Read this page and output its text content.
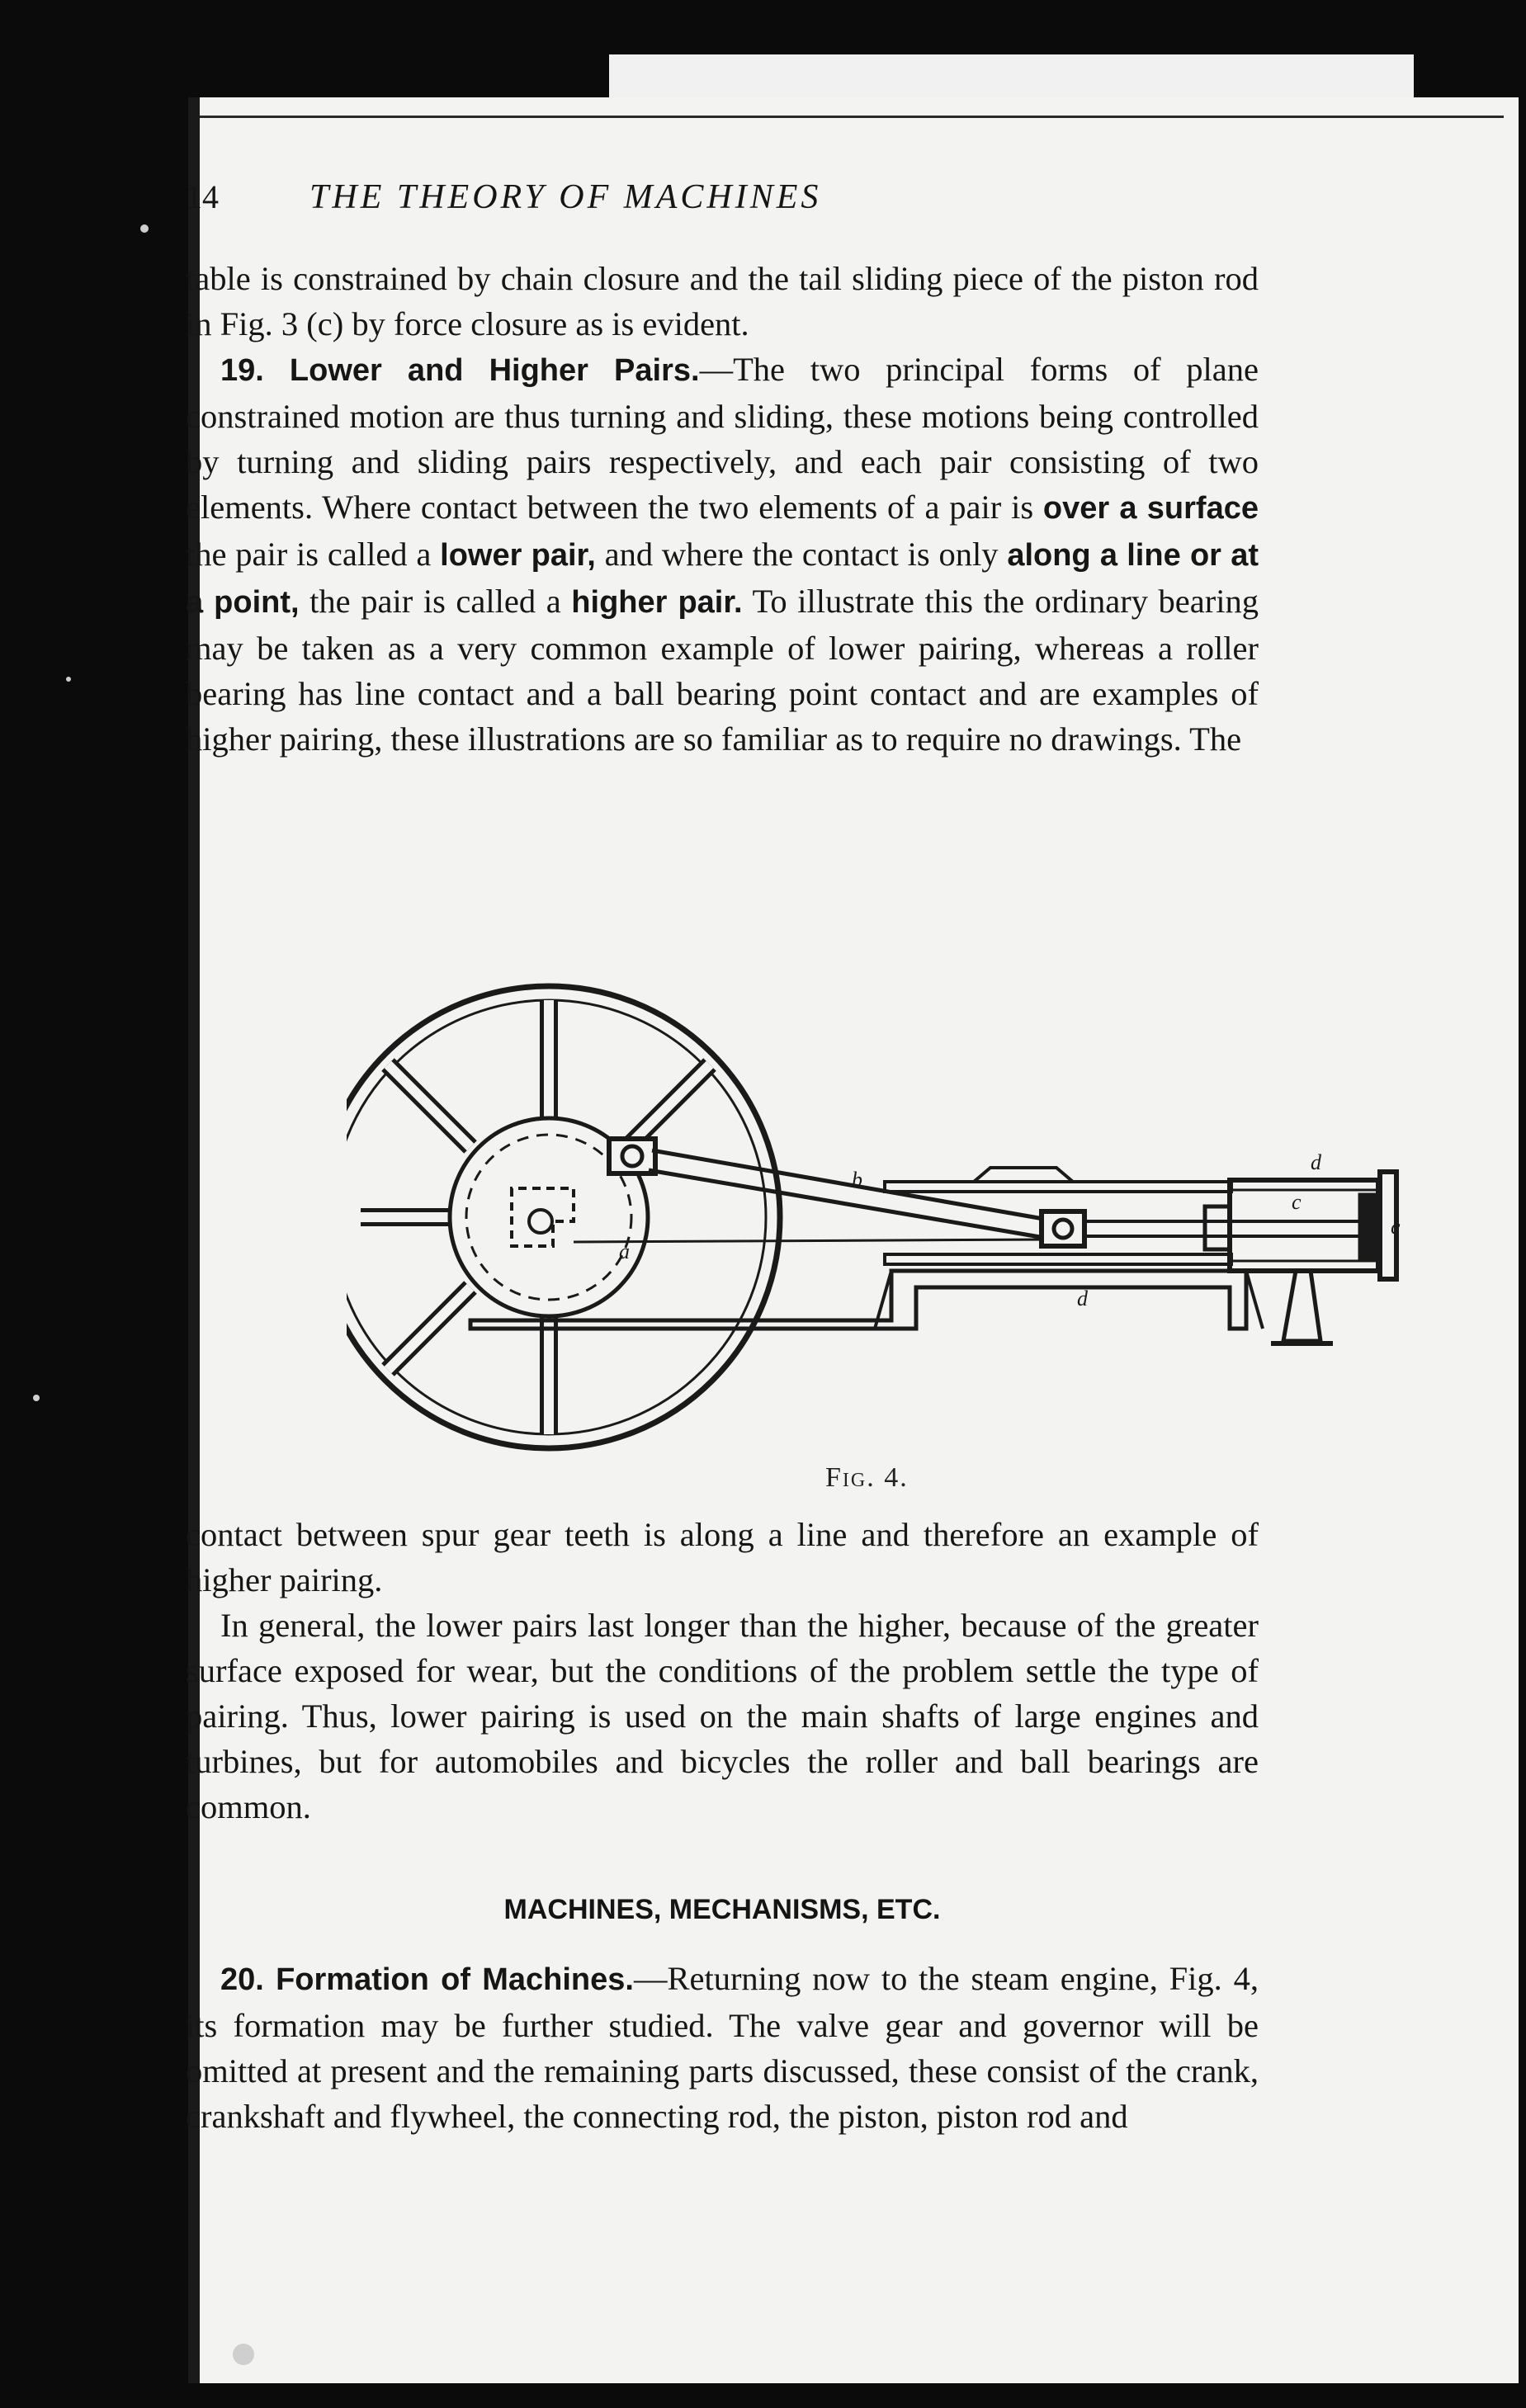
14	THE THEORY OF MACHINES

table is constrained by chain closure and the tail sliding piece of the piston rod in Fig. 3 (c) by force closure as is evident.

19. Lower and Higher Pairs.—The two principal forms of plane constrained motion are thus turning and sliding, these motions being controlled by turning and sliding pairs respectively, and each pair consisting of two elements. Where contact between the two elements of a pair is over a surface the pair is called a lower pair, and where the contact is only along a line or at a point, the pair is called a higher pair. To illustrate this the ordinary bearing may be taken as a very common example of lower pairing, whereas a roller bearing has line contact and a ball bearing point contact and are examples of higher pairing, these illustrations are so familiar as to require no drawings. The

a
b
c
c
d
d
Fig. 4.

contact between spur gear teeth is along a line and therefore an example of higher pairing.

In general, the lower pairs last longer than the higher, because of the greater surface exposed for wear, but the conditions of the problem settle the type of pairing. Thus, lower pairing is used on the main shafts of large engines and turbines, but for automobiles and bicycles the roller and ball bearings are common.

MACHINES, MECHANISMS, ETC.

20. Formation of Machines.—Returning now to the steam engine, Fig. 4, its formation may be further studied. The valve gear and governor will be omitted at present and the remaining parts discussed, these consist of the crank, crankshaft and flywheel, the connecting rod, the piston, piston rod and
